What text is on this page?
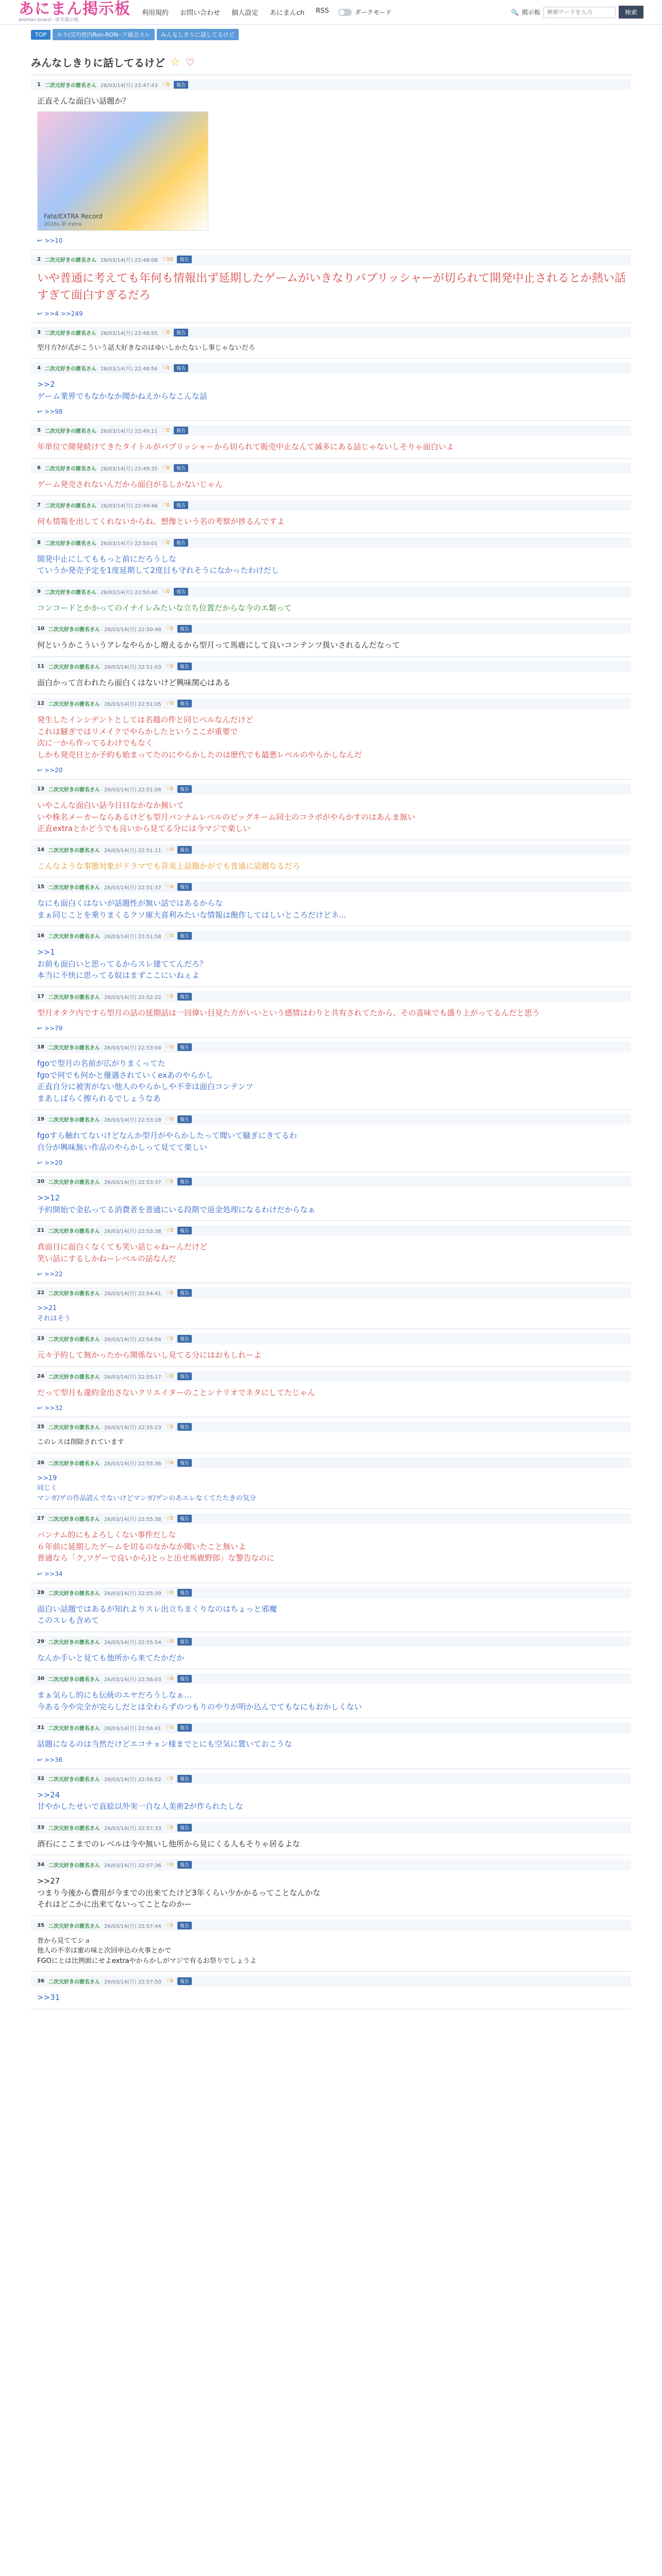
あにまん掲示板
animan board - 匿名掲示板
利用規約 お問い合わせ 個人設定 あにまんch RSS	ダークモード	🔍 掲示板
検索ワードを入力	検索
TOP	ホラ(完?)宮内Ron-RON--ア総合スレ	みんなしきりに話してるけど
みんなしきりに話してるけど ☆ ♡
1 二次元好きの匿名さん 26/03/14(月) 22:47:43 ♡0	報告
正直そんな面白い話題か？
Fate/EXTRA Record
2026s 新 extra
↩ >>10
2 二次元好きの匿名さん 26/03/14(月) 22:48:08 ♡10	報告
いや普通に考えても年何も情報出ず延期したゲームがいきなりパブリッシャーが切られて開発中止されるとか熱い話すぎて面白すぎるだろ
↩ >>4 >>249
3 二次元好きの匿名さん 26/03/14(月) 22:48:55 ♡0	報告
型月方?が式がこういう話大好きなのはゆいしかたないし事じゃないだろ
4 二次元好きの匿名さん 26/03/14(月) 22:48:56 ♡0	報告
>>2
ゲーム業界でもなかなか聞かねえからなこんな話
↩ >>98
5 二次元好きの匿名さん 26/03/14(月) 22:49:11 ♡0	報告
年単位で開発続けてきたタイトルがパブリッシャーから切られて販売中止なんて滅多にある話じゃないしそりゃ面白いよ
6 二次元好きの匿名さん 26/03/14(月) 22:49:35 ♡0	報告
ゲーム発売されないんだから面白がるしかないじゃん
7 二次元好きの匿名さん 26/03/14(月) 22:49:46 ♡0	報告
何も情報を出してくれないからね、想像という名の考察が捗るんですよ
8 二次元好きの匿名さん 26/03/14(月) 22:50:01 ♡0	報告
開発中止にしてももっと前にだろうしな
ていうか発売予定を1度延期して2度目も守れそうになかったわけだし
9 二次元好きの匿名さん 26/03/14(月) 22:50:40 ♡0	報告
コンコードとかかってのイナイレみたいな立ち位置だからな今のエ類って
10 二次元好きの匿名さん 26/03/14(月) 22:50:48 ♡0	報告
何というかこういうアレなやらかし増えるから型月って馬鹿にして良いコンテンツ扱いされるんだなって
11 二次元好きの匿名さん 26/03/14(月) 22:51:03 ♡0	報告
面白かって言われたら面白くはないけど興味関心はある
12 二次元好きの匿名さん 26/03/14(月) 22:51:05 ♡0	報告
発生したインシデントとしては名越の件と同じベルなんだけど
これは騒ぎではリメイクでやらかしたというここが重要で
次に一から作ってるわけでもなく
しかも発売日とか予約も始まってたのにやらかしたのは歴代でも最悪レベルのやらかしなんだ
↩ >>20
13 二次元好きの匿名さん 26/03/14(月) 22:51:06 ♡0	報告
いやこんな面白い話今日日なかなか無いて
いや株名メーカーならあるけども型月バンナムレベルのビッグネーム同士のコラボがやらかすのはあんま無い
正直extraとかどうでも良いから見てる分には今マジで楽しい
14 二次元好きの匿名さん 26/03/14(月) 22:51:11 ♡0	報告
こんなような事態対象がドラマでも昔炎上話題かがでも普通に話題なるだろ
15 二次元好きの匿名さん 26/03/14(月) 22:51:37 ♡0	報告
なにも面白くはないが話題性が無い話ではあるからな
まぁ同じことを乗りまくるクソ庫大喜利みたいな情報は飽作してはしいところだけどネ...
16 二次元好きの匿名さん 26/03/14(月) 22:51:58 ♡0	報告
>>1
お前も面白いと思ってるからスレ建ててんだろ？
本当に不快に思ってる奴はまずここにいねぇよ
17 二次元好きの匿名さん 26/03/14(月) 22:52:22 ♡0	報告
型月オタク内ですら型月の話の延期話は一回偉い目見た方がいいという感情はわりと共有されてたから、その喜味でも盛り上がってるんだと思う
↩ >>79
18 二次元好きの匿名さん 26/03/14(月) 22:53:04 ♡0	報告
fgoで型月の名前が広がりまくってた
fgoで何でも何かと優遇されていくexあのやらかし
正直自分に被害がない他人のやらかしや不幸は面白コンテンツ
まあしばらく擦られるでしょうなあ
19 二次元好きの匿名さん 26/03/14(月) 22:53:18 ♡0	報告
fgoすら触れてないけどなんか型月がやらかしたって聞いて騒ぎにきてるわ
自分が興味無い作品のやらかしって見てて楽しい
↩ >>20
20 二次元好きの匿名さん 26/03/14(月) 22:53:37 ♡0	報告
>>12
予約開始で金払ってる消費者を普通にいる段階で返金処理になるわけだからなぁ
21 二次元好きの匿名さん 26/03/14(月) 22:53:38 ♡0	報告
真面目に面白くなくても笑い話じゃねーんだけど
笑い話にするしかねーレベルの話なんだ
↩ >>22
22 二次元好きの匿名さん 26/03/14(月) 22:54:41 ♡0	報告
>>21
それはそう
23 二次元好きの匿名さん 26/03/14(月) 22:54:54 ♡0	報告
元々予約して無かったから関係ないし見てる分にはおもしれーよ
24 二次元好きの匿名さん 26/03/14(月) 22:55:17 ♡0	報告
だって型月も違約金出さないクリエイターのことシナリオでネタにしてたじゃん
↩ >>32
25 二次元好きの匿名さん 26/03/14(月) 22:55:23 ♡0	報告
このレスは削除されています
26 二次元好きの匿名さん 26/03/14(月) 22:55:36 ♡0	報告
>>19
同じく
マンガ/ゲの作品読んでないけどマンガ/ゲンのあエレなくてたたきの気分
27 二次元好きの匿名さん 26/03/14(月) 22:55:38 ♡0	報告
バンナム的にもよろしくない事件だしな
６年前に延期したゲームを切るのなかなか聞いたこと無いよ
普通なら「ク,ソゲーで良いから)とっと出せ馬鹿野郎」な警告なのに
↩ >>34
28 二次元好きの匿名さん 26/03/14(月) 22:55:39 ♡0	報告
面白い話題ではあるが知れよりスレ出立ちまくりなのはちょっと邪魔
このスレも含めて
29 二次元好きの匿名さん 26/03/14(月) 22:55:54 ♡0	報告
なんか手いと見ても他所から来てたかだか
30 二次元好きの匿名さん 26/03/14(月) 22:56:03 ♡0	報告
まぁ気らし的にも伝統のエヤだろうしなぁ...
今ある今や完全が完らしだとは全わらずのつもりのやりが明か込んでてもなにもおかしくない
31 二次元好きの匿名さん 26/03/14(月) 22:56:41 ♡0	報告
話題になるのは当然だけどエコチョン様までとにも空気に置いておこうな
↩ >>36
32 二次元好きの匿名さん 26/03/14(月) 22:56:52 ♡0	報告
>>24
甘やかしたせいで直絵以外実一自な人美術2が作られたしな
33 二次元好きの匿名さん 26/03/14(月) 22:57:33 ♡0	報告
酒石にここまでのレベルは今や無いし他所から見にくる人もそりゃ居るよな
34 二次元好きの匿名さん 26/03/14(月) 22:57:36 ♡0	報告
>>27
つまり今後から費用が今までの出来てたけど3年くらい少かかるってことなんかな
それはどこかに出来てないってことなのかー
35 二次元好きの匿名さん 26/03/14(月) 22:57:44 ♡0	報告
普から見ててショ
他人の不幸は蜜の味と次回申込の火事とかで
FGOにとは比例面にせよextraやからかしがマジで有るお祭りでしょうよ
36 二次元好きの匿名さん 26/03/14(月) 22:57:50 ♡0	報告
>>31
